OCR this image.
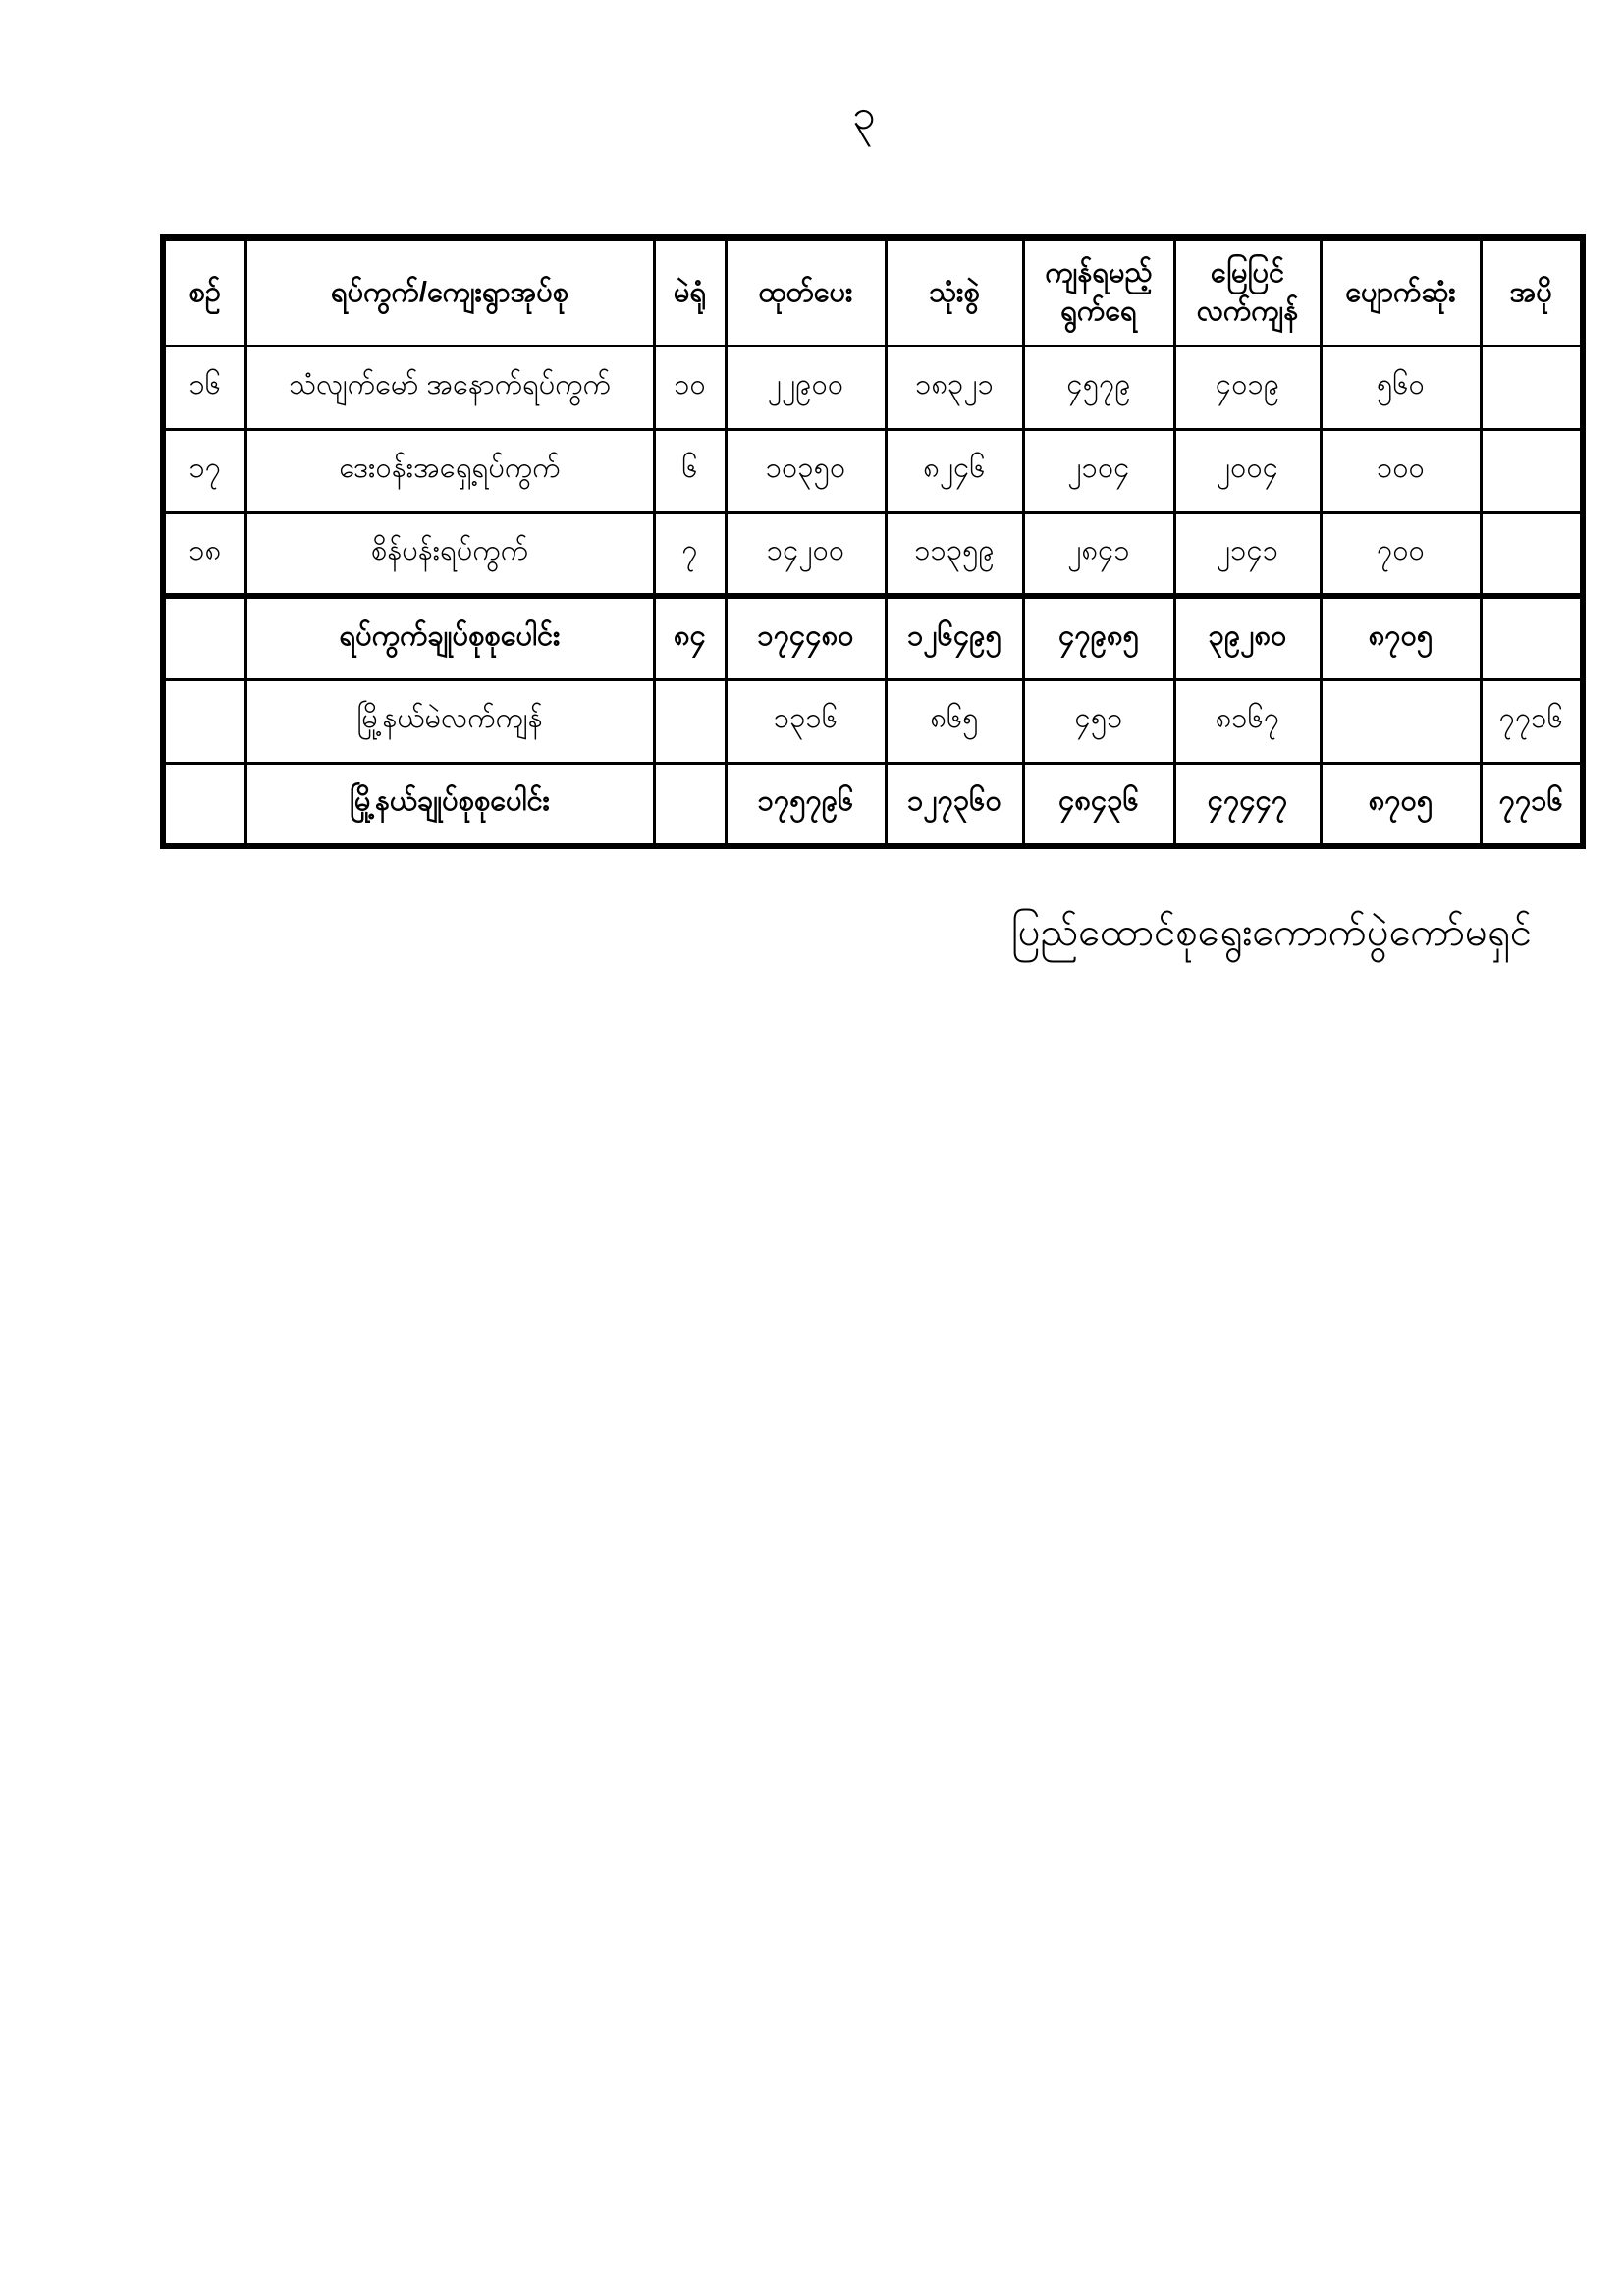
၃
စဉ်	ရပ်ကွက်/ကျေးရွာအုပ်စု	မဲရုံ	ထုတ်ပေး	သုံးစွဲ	ကျန်ရမည့် ရွက်ရေ	မြေပြင် လက်ကျန်	ပျောက်ဆုံး	အပို
၁၆	သံလျက်မော် အနောက်ရပ်ကွက်	၁၀	၂၂၉၀၀	၁၈၃၂၁	၄၅၇၉	၄၀၁၉	၅၆၀	
၁၇	ဒေးဝန်းအရှေ့ရပ်ကွက်	၆	၁၀၃၅၀	၈၂၄၆	၂၁၀၄	၂၀၀၄	၁၀၀	
၁၈	စိန်ပန်းရပ်ကွက်	၇	၁၄၂၀၀	၁၁၃၅၉	၂၈၄၁	၂၁၄၁	၇၀၀	
	ရပ်ကွက်ချုပ်စုစုပေါင်း	၈၄	၁၇၄၄၈၀	၁၂၆၄၉၅	၄၇၉၈၅	၃၉၂၈၀	၈၇၀၅	
	မြို့နယ်မဲလက်ကျန်		၁၃၁၆	၈၆၅	၄၅၁	၈၁၆၇		၇၇၁၆
	မြို့နယ်ချုပ်စုစုပေါင်း		၁၇၅၇၉၆	၁၂၇၃၆၀	၄၈၄၃၆	၄၇၄၄၇	၈၇၀၅	၇၇၁၆
ပြည်ထောင်စုရွေးကောက်ပွဲကော်မရှင်
